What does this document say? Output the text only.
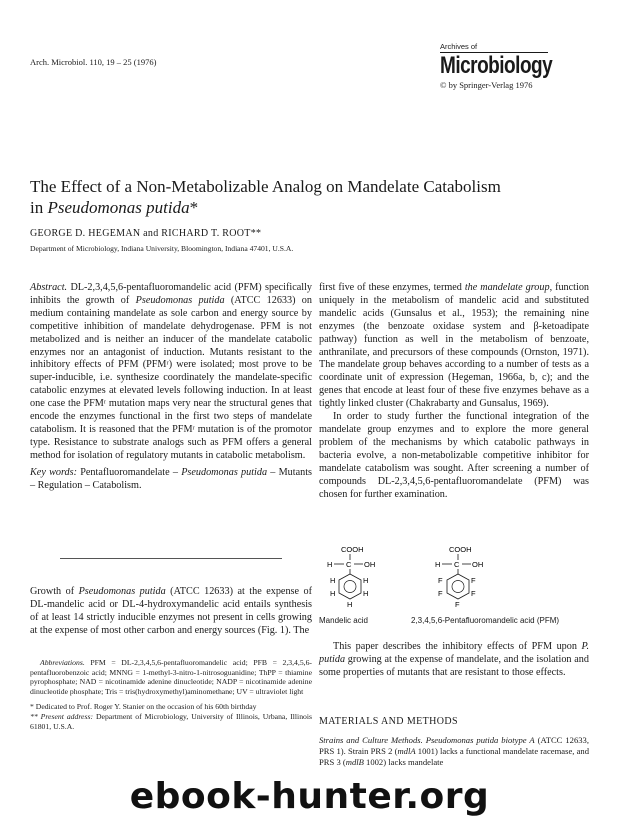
Arch. Microbiol. 110, 19 – 25 (1976)
Archives of
Microbiology
© by Springer-Verlag 1976
The Effect of a Non-Metabolizable Analog on Mandelate Catabolism
in Pseudomonas putida*
GEORGE D. HEGEMAN and RICHARD T. ROOT**
Department of Microbiology, Indiana University, Bloomington, Indiana 47401, U.S.A.

Abstract. DL-2,3,4,5,6-pentafluoromandelic acid (PFM) specifically inhibits the growth of Pseudomonas putida (ATCC 12633) on medium containing mandelate as sole carbon and energy source by competitive inhibition of mandelate dehydrogenase. PFM is not metabolized and is neither an inducer of the mandelate catabolic enzymes nor an antagonist of induction. Mutants resistant to the inhibitory effects of PFM (PFMʳ) were isolated; most prove to be super-inducible, i.e. synthesize coordinately the mandelate-specific catabolic enzymes at elevated levels following induction. In at least one case the PFMʳ mutation maps very near the structural genes that encode the enzymes functional in the first two steps of mandelate catabolism. It is reasoned that the PFMʳ mutation is of the promotor type. Resistance to substrate analogs such as PFM offers a general method for isolation of regulatory mutants in catabolic metabolism.

Key words: Pentafluoromandelate – Pseudomonas putida – Mutants – Regulation – Catabolism.

Growth of Pseudomonas putida (ATCC 12633) at the expense of DL-mandelic acid or DL-4-hydroxymandelic acid entails synthesis of at least 14 strictly inducible enzymes not present in cells growing at the expense of most other carbon and energy sources (Fig. 1). The

Abbreviations. PFM = DL-2,3,4,5,6-pentafluoromandelic acid; PFB = 2,3,4,5,6-pentafluorobenzoic acid; MNNG = 1-methyl-3-nitro-1-nitrosoguanidine; ThPP = thiamine pyrophosphate; NAD = nicotinamide adenine dinucleotide; NADP = nicotinamide adenine dinucleotide phosphate; Tris = tris(hydroxymethyl)aminomethane; UV = ultraviolet light

* Dedicated to Prof. Roger Y. Stanier on the occasion of his 60th birthday

** Present address: Department of Microbiology, University of Illinois, Urbana, Illinois 61801, U.S.A.

first five of these enzymes, termed the mandelate group, function uniquely in the metabolism of mandelic acid and substituted mandelic acids (Gunsalus et al., 1953); the remaining nine enzymes (the benzoate oxidase system and β-ketoadipate pathway) function as well in the metabolism of benzoate, anthranilate, and precursors of these compounds (Ornston, 1971). The mandelate group behaves according to a number of tests as a coordinate unit of expression (Hegeman, 1966a, b, c); and the genes that encode at least four of these five enzymes behave as a tightly linked cluster (Chakrabarty and Gunsalus, 1969).

In order to study further the functional integration of the mandelate group enzymes and to explore the more general problem of the mechanisms by which catabolic pathways in bacteria evolve, a non-metabolizable competitive inhibitor for mandelate catabolism was sought. After screening a number of compounds DL-2,3,4,5,6-pentafluoromandelate (PFM) was chosen for further examination.

COOH
H C OH
H	H
H	H
H
COOH
H C OH
F	F
F	F
F
Mandelic acid	2,3,4,5,6-Pentafluoromandelic acid (PFM)

This paper describes the inhibitory effects of PFM upon P. putida growing at the expense of mandelate, and the isolation and some properties of mutants that are resistant to those effects.

MATERIALS AND METHODS
Strains and Culture Methods. Pseudomonas putida biotype A (ATCC 12633, PRS 1). Strain PRS 2 (mdlA 1001) lacks a functional mandelate racemase, and PRS 3 (mdlB 1002) lacks mandelate
ebook-hunter.org
